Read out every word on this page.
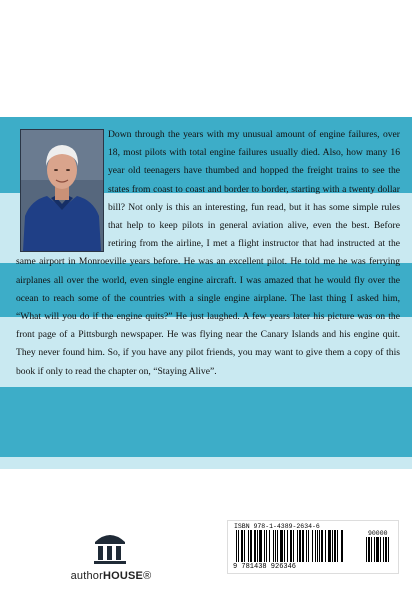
Down through the years with my unusual amount of engine failures, over 18, most pilots with total engine failures usually died. Also, how many 16 year old teenagers have thumbed and hopped the freight trains to see the states from coast to coast and border to border, starting with a twenty dollar bill? Not only is this an interesting, fun read, but it has some simple rules that help to keep pilots in general aviation alive, even the best. Before retiring from the airline, I met a flight instructor that had instructed at the same airport in Monroeville years before. He was an excellent pilot. He told me he was ferrying airplanes all over the world, even single engine aircraft. I was amazed that he would fly over the ocean to reach some of the countries with a single engine airplane. The last thing I asked him, “What will you do if the engine quits?” He just laughed. A few years later his picture was on the front page of a Pittsburgh newspaper. He was flying near the Canary Islands and his engine quit. They never found him. So, if you have any pilot friends, you may want to give them a copy of this book if only to read the chapter on, “Staying Alive”.
authorHOUSE®
ISBN 978-1-4389-2634-6
90000
9 781438 926346
